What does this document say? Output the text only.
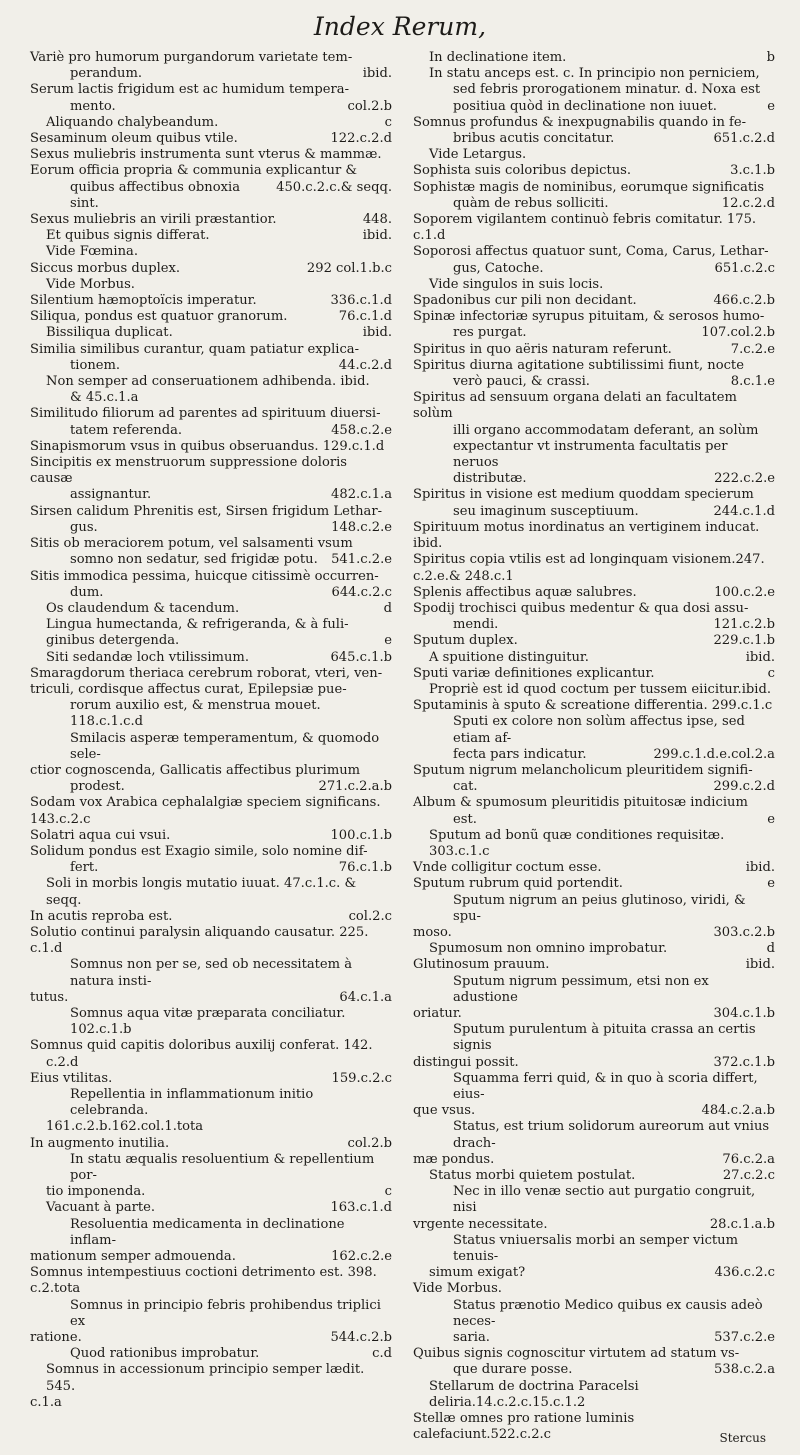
Index Rerum,
Variè pro humorum purgandorum varietate tem-
perandum.	ibid.
Serum lactis frigidum est ac humidum tempera-
mento.	col.2.b
Aliquando chalybeandum.	c
Sesaminum oleum quibus vtile.	122.c.2.d
Sexus muliebris instrumenta sunt vterus & mammæ.
Eorum officia propria & communia explicantur &
quibus affectibus obnoxia sint.
450.c.2.c.& seqq.
Sexus muliebris an virili præstantior.	448.
Et quibus signis differat.	ibid.
Vide Fœmina.
Siccus morbus duplex.	292 col.1.b.c
Vide Morbus.
Silentium hæmoptoïcis imperatur.	336.c.1.d
Siliqua, pondus est quatuor granorum.	76.c.1.d
Bissiliqua duplicat.	ibid.
Similia similibus curantur, quam patiatur explica-
tionem.	44.c.2.d
Non semper ad conseruationem adhibenda. ibid.
& 45.c.1.a
Similitudo filiorum ad parentes ad spirituum diuersi-
tatem referenda.	458.c.2.e
Sinapismorum vsus in quibus obseruandus. 129.c.1.d
Sincipitis ex menstruorum suppressione doloris causæ
assignantur.	482.c.1.a
Sirsen calidum Phrenitis est, Sirsen frigidum Lethar-
gus.	148.c.2.e
Sitis ob meraciorem potum, vel salsamenti vsum
somno non sedatur, sed frigidæ potu.	541.c.2.e
Sitis immodica pessima, huicque citissimè occurren-
dum.	644.c.2.c
Os claudendum & tacendum.	d
Lingua humectanda, & refrigeranda, & à fuli-
ginibus detergenda.	e
Siti sedandæ loch vtilissimum.	645.c.1.b
Smaragdorum theriaca cerebrum roborat, vteri, ven-
triculi, cordisque affectus curat, Epilepsiæ pue-
rorum auxilio est, & menstrua mouet. 118.c.1.c.d
Smilacis asperæ temperamentum, & quomodo sele-
ctior cognoscenda, Gallicatis affectibus plurimum
prodest.	271.c.2.a.b
Sodam vox Arabica cephalalgiæ speciem significans.
143.c.2.c
Solatri aqua cui vsui.	100.c.1.b
Solidum pondus est Exagio simile, solo nomine dif-
fert.	76.c.1.b
Soli in morbis longis mutatio iuuat. 47.c.1.c. & seqq.
In acutis reproba est.	col.2.c
Solutio continui paralysin aliquando causatur. 225.
c.1.d
Somnus non per se, sed ob necessitatem à natura insti-
tutus.	64.c.1.a
Somnus aqua vitæ præparata conciliatur. 102.c.1.b
Somnus quid capitis doloribus auxilij conferat. 142.
c.2.d
Eius vtilitas.	159.c.2.c
Repellentia in inflammationum initio celebranda.
161.c.2.b.162.col.1.tota
In augmento inutilia.	col.2.b
In statu æqualis resoluentium & repellentium por-
tio imponenda.	c
Vacuant à parte.	163.c.1.d
Resoluentia medicamenta in declinatione inflam-
mationum semper admouenda.	162.c.2.e
Somnus intempestiuus coctioni detrimento est. 398.
c.2.tota
Somnus in principio febris prohibendus triplici ex
ratione.	544.c.2.b
Quod rationibus improbatur.	c.d
Somnus in accessionum principio semper lædit. 545.
c.1.a
In declinatione item.	b
In statu anceps est. c. In principio non perniciem,
sed febris prorogationem minatur. d. Noxa est
positiua quòd in declinatione non iuuet.	e
Somnus profundus & inexpugnabilis quando in fe-
bribus acutis concitatur.	651.c.2.d
Vide Letargus.
Sophista suis coloribus depictus.	3.c.1.b
Sophistæ magis de nominibus, eorumque significatis
quàm de rebus solliciti.	12.c.2.d
Soporem vigilantem continuò febris comitatur. 175.
c.1.d
Soporosi affectus quatuor sunt, Coma, Carus, Lethar-
gus, Catoche.	651.c.2.c
Vide singulos in suis locis.
Spadonibus cur pili non decidant.	466.c.2.b
Spinæ infectoriæ syrupus pituitam, & serosos humo-
res purgat.	107.col.2.b
Spiritus in quo aëris naturam referunt.	7.c.2.e
Spiritus diurna agitatione subtilissimi fiunt, nocte
verò pauci, & crassi.	8.c.1.e
Spiritus ad sensuum organa delati an facultatem solùm
illi organo accommodatam deferant, an solùm
expectantur vt instrumenta facultatis per neruos
distributæ.	222.c.2.e
Spiritus in visione est medium quoddam specierum
seu imaginum susceptiuum.	244.c.1.d
Spirituum motus inordinatus an vertiginem inducat.
ibid.
Spiritus copia vtilis est ad longinquam visionem.247.
c.2.e.& 248.c.1
Splenis affectibus aquæ salubres.	100.c.2.e
Spodij trochisci quibus medentur & qua dosi assu-
mendi.	121.c.2.b
Sputum duplex.	229.c.1.b
A spuitione distinguitur.	ibid.
Sputi variæ definitiones explicantur.	c
Propriè est id quod coctum per tussem eiicitur.ibid.
Sputaminis à sputo & screatione differentia. 299.c.1.c
Sputi ex colore non solùm affectus ipse, sed etiam af-
fecta pars indicatur.	299.c.1.d.e.col.2.a
Sputum nigrum melancholicum pleuritidem signifi-
cat.	299.c.2.d
Album & spumosum pleuritidis pituitosæ indicium
est.	e
Sputum ad bonũ quæ conditiones requisitæ. 303.c.1.c
Vnde colligitur coctum esse.	ibid.
Sputum rubrum quid portendit.	e
Sputum nigrum an peius glutinoso, viridi, & spu-
moso.	303.c.2.b
Spumosum non omnino improbatur.	d
Glutinosum prauum.	ibid.
Sputum nigrum pessimum, etsi non ex adustione
oriatur.	304.c.1.b
Sputum purulentum à pituita crassa an certis signis
distingui possit.	372.c.1.b
Squamma ferri quid, & in quo à scoria differt, eius-
que vsus.	484.c.2.a.b
Status, est trium solidorum aureorum aut vnius drach-
mæ pondus.	76.c.2.a
Status morbi quietem postulat.	27.c.2.c
Nec in illo venæ sectio aut purgatio congruit, nisi
vrgente necessitate.	28.c.1.a.b
Status vniuersalis morbi an semper victum tenuis-
simum exigat?	436.c.2.c
Vide Morbus.
Status prænotio Medico quibus ex causis adeò neces-
saria.	537.c.2.e
Quibus signis cognoscitur virtutem ad statum vs-
que durare posse.	538.c.2.a
Stellarum de doctrina Paracelsi deliria.14.c.2.c.15.c.1.2
Stellæ omnes pro ratione luminis calefaciunt.522.c.2.c	Stercus
